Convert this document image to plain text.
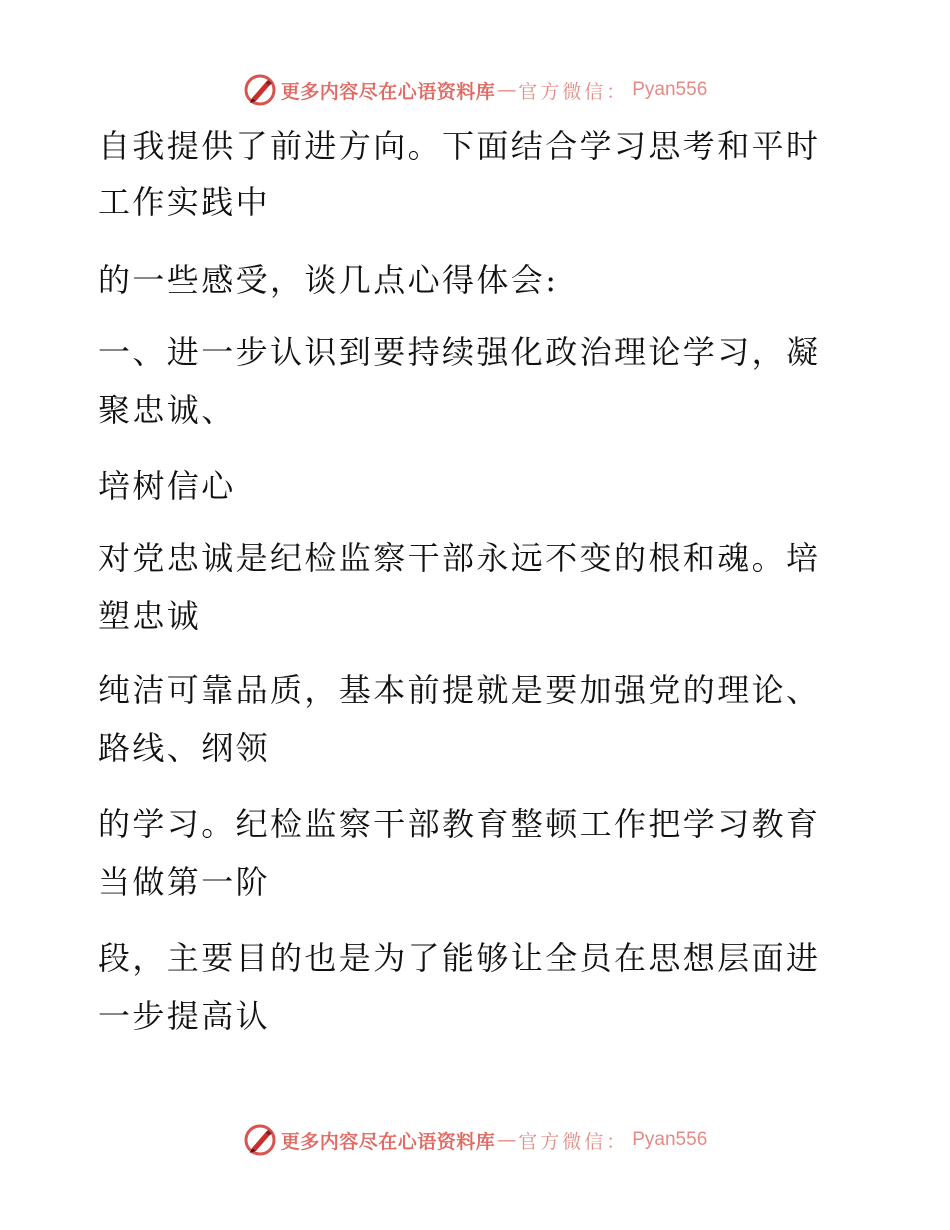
更多内容尽在心语资料库 — 官方微信： Pyan556
自我提供了前进方向。下面结合学习思考和平时
工作实践中
的一些感受，谈几点心得体会:
一、进一步认识到要持续强化政治理论学习，凝
聚忠诚、
培树信心
对党忠诚是纪检监察干部永远不变的根和魂。培
塑忠诚
纯洁可靠品质，基本前提就是要加强党的理论、
路线、纲领
的学习。纪检监察干部教育整顿工作把学习教育
当做第一阶
段，主要目的也是为了能够让全员在思想层面进
一步提高认
更多内容尽在心语资料库 — 官方微信： Pyan556
